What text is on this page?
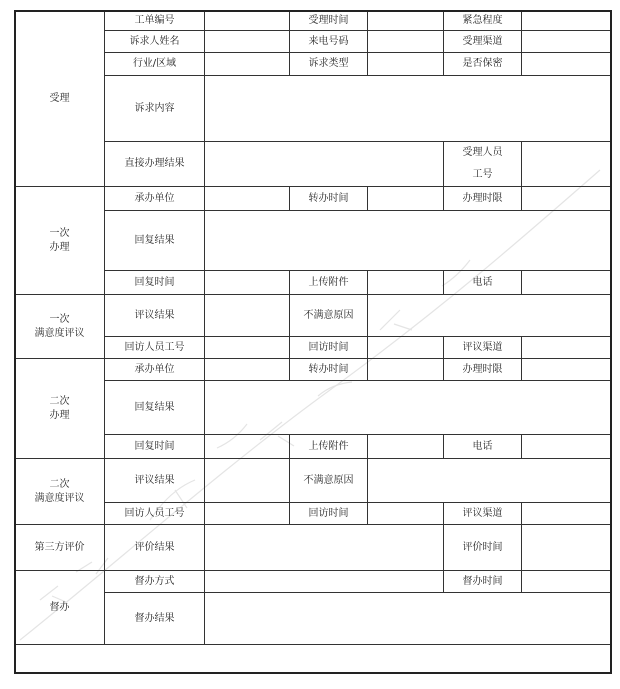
受理	工单编号		受理时间		紧急程度	
	诉求人姓名		来电号码		受理渠道	
	行业/区域		诉求类型		是否保密	
	诉求内容					
	直接办理结果				受理人员
工号	

一次
办理	承办单位		转办时间		办理时限	
	回复结果					
	回复时间		上传附件		电话	

一次
满意度评议	评议结果		不满意原因			
	回访人员工号		回访时间		评议渠道	

二次
办理	承办单位		转办时间		办理时限	
	回复结果					
	回复时间		上传附件		电话	

二次
满意度评议	评议结果		不满意原因			
	回访人员工号		回访时间		评议渠道	
第三方评价	评价结果				评价时间	
督办	督办方式				督办时间	
	督办结果					
